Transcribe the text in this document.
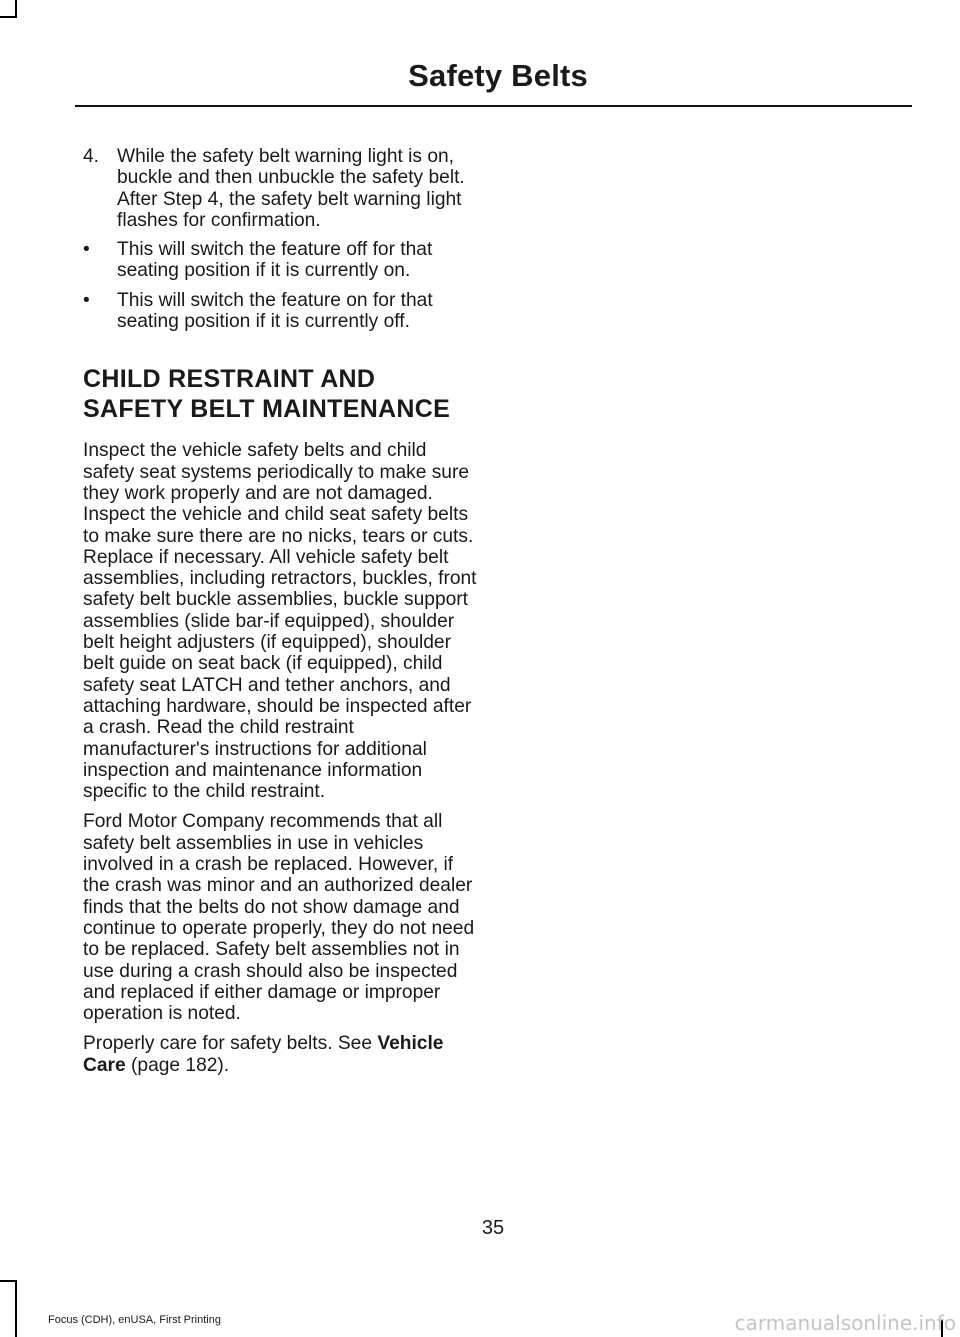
Safety Belts
4. While the safety belt warning light is on, buckle and then unbuckle the safety belt. After Step 4, the safety belt warning light flashes for confirmation.
• This will switch the feature off for that seating position if it is currently on.
• This will switch the feature on for that seating position if it is currently off.
CHILD RESTRAINT AND
SAFETY BELT MAINTENANCE

Inspect the vehicle safety belts and child safety seat systems periodically to make sure they work properly and are not damaged. Inspect the vehicle and child seat safety belts to make sure there are no nicks, tears or cuts. Replace if necessary. All vehicle safety belt assemblies, including retractors, buckles, front safety belt buckle assemblies, buckle support assemblies (slide bar-if equipped), shoulder belt height adjusters (if equipped), shoulder belt guide on seat back (if equipped), child safety seat LATCH and tether anchors, and attaching hardware, should be inspected after a crash. Read the child restraint manufacturer's instructions for additional inspection and maintenance information specific to the child restraint.

Ford Motor Company recommends that all safety belt assemblies in use in vehicles involved in a crash be replaced. However, if the crash was minor and an authorized dealer finds that the belts do not show damage and continue to operate properly, they do not need to be replaced. Safety belt assemblies not in use during a crash should also be inspected and replaced if either damage or improper operation is noted.

Properly care for safety belts. See Vehicle Care (page 182).

35
Focus (CDH), enUSA, First Printing	carmanualsonline.info
